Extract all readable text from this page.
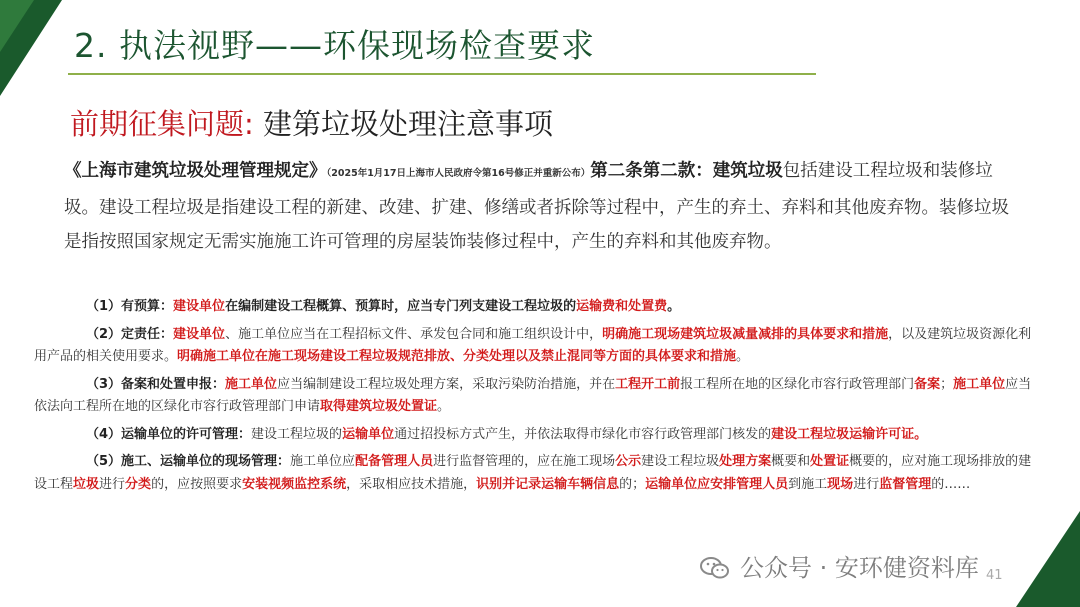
2. 执法视野——环保现场检查要求
前期征集问题: 建第垃圾处理注意事项
《上海市建筑垃圾处理管理规定》（2025年1月17日上海市人民政府令第16号修正并重新公布）第二条第二款：建筑垃圾包括建设工程垃圾和装修垃圾。建设工程垃圾是指建设工程的新建、改建、扩建、修缮或者拆除等过程中，产生的弃土、弃料和其他废弃物。装修垃圾是指按照国家规定无需实施施工许可管理的房屋装饰装修过程中，产生的弃料和其他废弃物。

（1）有预算：建设单位在编制建设工程概算、预算时，应当专门列支建设工程垃圾的运输费和处置费。

（2）定责任：建设单位、施工单位应当在工程招标文件、承发包合同和施工组织设计中，明确施工现场建筑垃圾减量减排的具体要求和措施，以及建筑垃圾资源化利用产品的相关使用要求。明确施工单位在施工现场建设工程垃圾规范排放、分类处理以及禁止混同等方面的具体要求和措施。

（3）备案和处置申报：施工单位应当编制建设工程垃圾处理方案，采取污染防治措施，并在工程开工前报工程所在地的区绿化市容行政管理部门备案；施工单位应当依法向工程所在地的区绿化市容行政管理部门申请取得建筑垃圾处置证。

（4）运输单位的许可管理：建设工程垃圾的运输单位通过招投标方式产生，并依法取得市绿化市容行政管理部门核发的建设工程垃圾运输许可证。

（5）施工、运输单位的现场管理：施工单位应配备管理人员进行监督管理的，应在施工现场公示建设工程垃圾处理方案概要和处置证概要的，应对施工现场排放的建设工程垃圾进行分类的，应按照要求安装视频监控系统，采取相应技术措施，识别并记录运输车辆信息的；运输单位应安排管理人员到施工现场进行监督管理的……

公众号 · 安环健资料库 41
